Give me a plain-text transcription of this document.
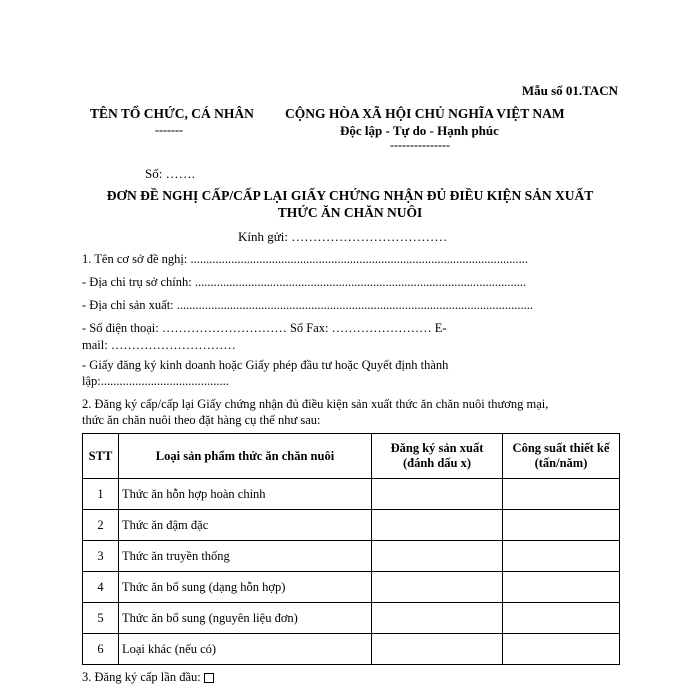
Mẫu số 01.TACN
TÊN TỔ CHỨC, CÁ NHÂN
-------
CỘNG HÒA XÃ HỘI CHỦ NGHĨA VIỆT NAM
Độc lập - Tự do - Hạnh phúc
---------------
Số: …….
ĐƠN ĐỀ NGHỊ CẤP/CẤP LẠI GIẤY CHỨNG NHẬN ĐỦ ĐIỀU KIỆN SẢN XUẤT
THỨC ĂN CHĂN NUÔI
Kính gửi: ………………………………
1. Tên cơ sở đề nghị: ............................................................................................................
- Địa chỉ trụ sở chính: ..........................................................................................................
- Địa chỉ sản xuất: ..................................................................................................................
- Số điện thoại: ………………………… Số Fax: …………………… E-
mail: …………………………
- Giấy đăng ký kinh doanh hoặc Giấy phép đầu tư hoặc Quyết định thành
lập:.........................................
2. Đăng ký cấp/cấp lại Giấy chứng nhận đủ điều kiện sản xuất thức ăn chăn nuôi thương mại,
thức ăn chăn nuôi theo đặt hàng cụ thể như sau:
STT	Loại sản phẩm thức ăn chăn nuôi	Đăng ký sản xuất
(đánh dấu x)	Công suất thiết kế
(tấn/năm)
1	Thức ăn hỗn hợp hoàn chỉnh		
2	Thức ăn đậm đặc		
3	Thức ăn truyền thống		
4	Thức ăn bổ sung (dạng hỗn hợp)		
5	Thức ăn bổ sung (nguyên liệu đơn)		
6	Loại khác (nếu có)		
3. Đăng ký cấp lần đầu:
